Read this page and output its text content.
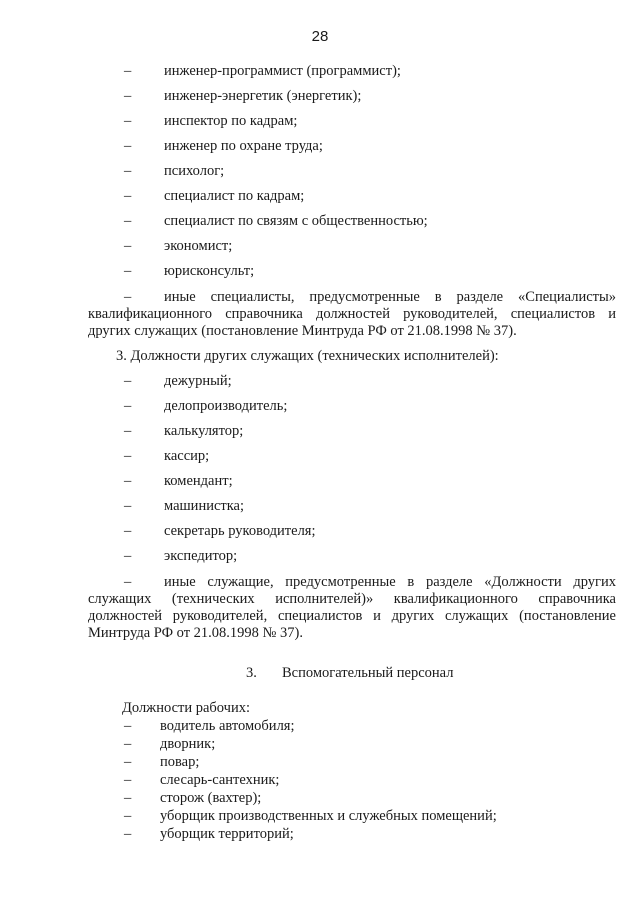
28
– инженер-программист (программист);
– инженер-энергетик (энергетик);
– инспектор по кадрам;
– инженер по охране труда;
– психолог;
– специалист по кадрам;
– специалист по связям с общественностью;
– экономист;
– юрисконсульт;
– иные специалисты, предусмотренные в разделе «Специалисты»
квалификационного справочника должностей руководителей, специалистов и
других служащих (постановление Минтруда РФ от 21.08.1998 № 37).
3. Должности других служащих (технических исполнителей):
– дежурный;
– делопроизводитель;
– калькулятор;
– кассир;
– комендант;
– машинистка;
– секретарь руководителя;
– экспедитор;
– иные служащие, предусмотренные в разделе «Должности других
служащих (технических исполнителей)» квалификационного справочника
должностей руководителей, специалистов и других служащих (постановление
Минтруда РФ от 21.08.1998 № 37).
3. Вспомогательный персонал
Должности рабочих:
– водитель автомобиля;
– дворник;
– повар;
– слесарь-сантехник;
– сторож (вахтер);
– уборщик производственных и служебных помещений;
– уборщик территорий;
